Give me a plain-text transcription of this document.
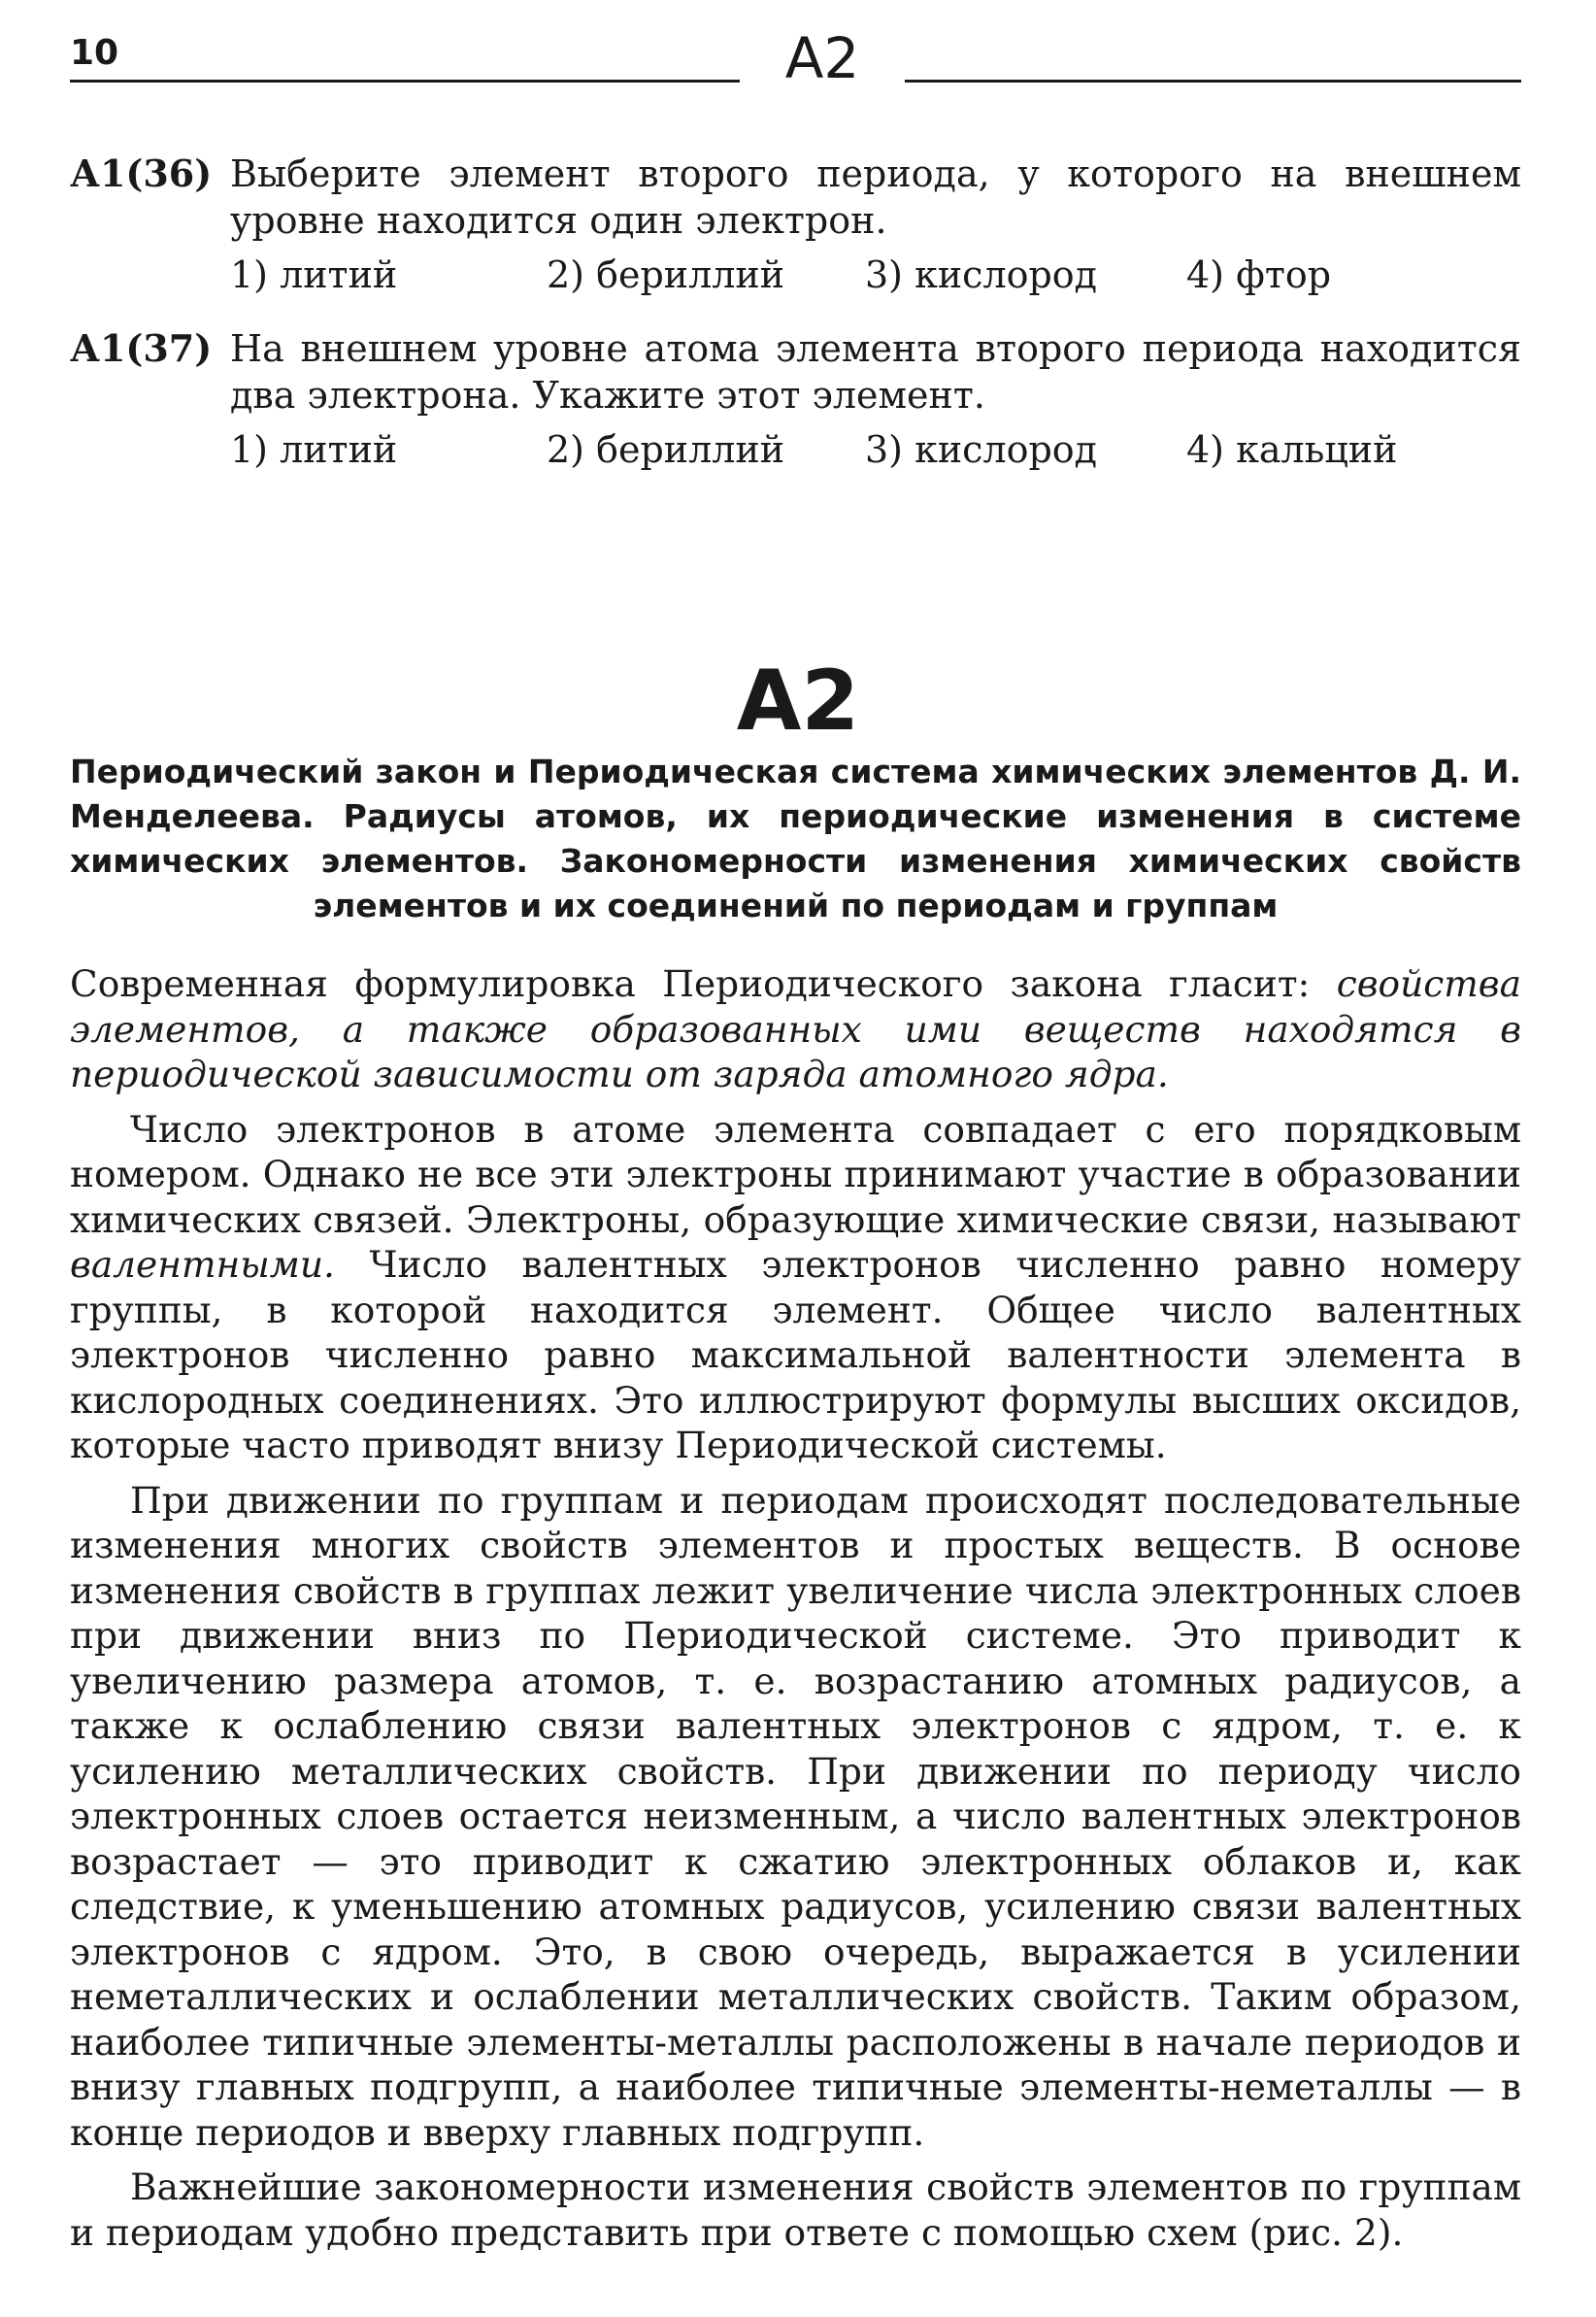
10	A2
А1(36) Выберите элемент второго периода, у которого на внешнем уровне находится один электрон.
1) литий	2) бериллий 3) кислород 4) фтор
А1(37) На внешнем уровне атома элемента второго периода находится два электрона. Укажите этот элемент.
1) литий	2) бериллий 3) кислород 4) кальций
A2
Периодический закон и Периодическая система химических элементов Д. И. Менделеева. Радиусы атомов, их периодические изменения в системе химических элементов. Закономерности изменения химических свойств элементов и их соединений по периодам и группам

Современная формулировка Периодического закона гласит: свойства элементов, а также образованных ими веществ находятся в периодической зависимости от заряда атомного ядра.

Число электронов в атоме элемента совпадает с его порядковым номером. Однако не все эти электроны принимают участие в образовании химических связей. Электроны, образующие химические связи, называют валентными. Число валентных электронов численно равно номеру группы, в которой находится элемент. Общее число валентных электронов численно равно максимальной валентности элемента в кислородных соединениях. Это иллюстрируют формулы высших оксидов, которые часто приводят внизу Периодической системы.

При движении по группам и периодам происходят последовательные изменения многих свойств элементов и простых веществ. В основе изменения свойств в группах лежит увеличение числа электронных слоев при движении вниз по Периодической системе. Это приводит к увеличению размера атомов, т. е. возрастанию атомных радиусов, а также к ослаблению связи валентных электронов с ядром, т. е. к усилению металлических свойств. При движении по периоду число электронных слоев остается неизменным, а число валентных электронов возрастает — это приводит к сжатию электронных облаков и, как следствие, к уменьшению атомных радиусов, усилению связи валентных электронов с ядром. Это, в свою очередь, выражается в усилении неметаллических и ослаблении металлических свойств. Таким образом, наиболее типичные элементы-металлы расположены в начале периодов и внизу главных подгрупп, а наиболее типичные элементы-неметаллы — в конце периодов и вверху главных подгрупп.

Важнейшие закономерности изменения свойств элементов по группам и периодам удобно представить при ответе с помощью схем (рис. 2).
